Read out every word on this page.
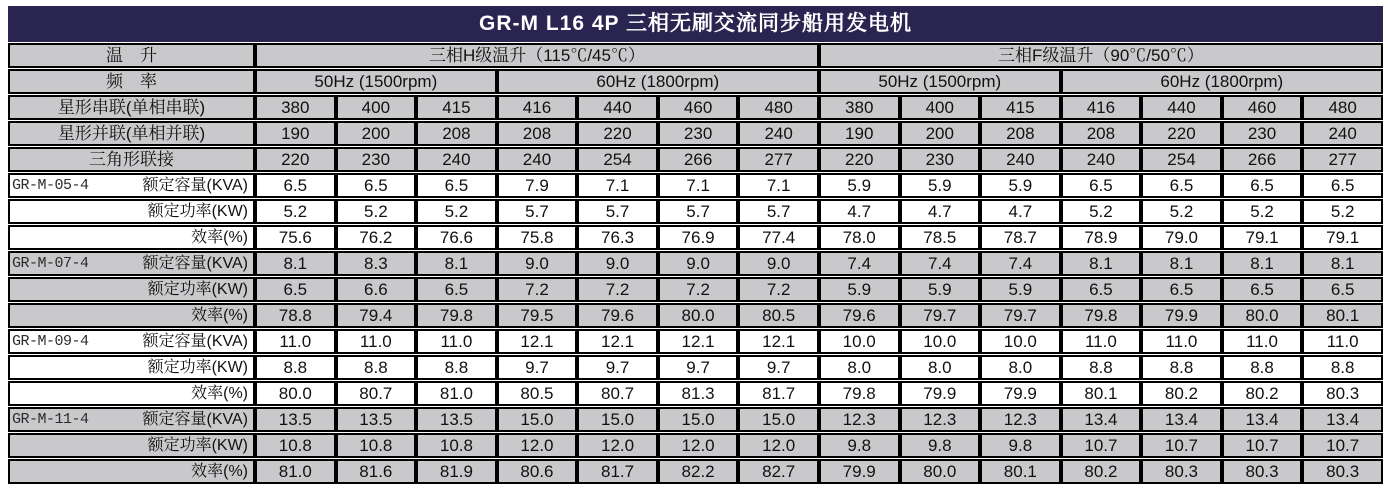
GR-M L16 4P 三相无刷交流同步船用发电机
温　升	三相H级温升（115℃/45℃）							三相F级温升（90℃/50℃）						
频　率	50Hz (1500rpm)			60Hz (1800rpm)				50Hz (1500rpm)			60Hz (1800rpm)			
星形串联(单相串联)	380	400	415	416	440	460	480	380	400	415	416	440	460	480
星形并联(单相并联)	190	200	208	208	220	230	240	190	200	208	208	220	230	240
三角形联接	220	230	240	240	254	266	277	220	230	240	240	254	266	277

GR-M-05-4 额定容量(KVA)	6.5	6.5	6.5	7.9	7.1	7.1	7.1	5.9	5.9	5.9	6.5	6.5	6.5	6.5

额定功率(KW)	5.2	5.2	5.2	5.7	5.7	5.7	5.7	4.7	4.7	4.7	5.2	5.2	5.2	5.2

效率(%)	75.6	76.2	76.6	75.8	76.3	76.9	77.4	78.0	78.5	78.7	78.9	79.0	79.1	79.1

GR-M-07-4 额定容量(KVA)	8.1	8.3	8.1	9.0	9.0	9.0	9.0	7.4	7.4	7.4	8.1	8.1	8.1	8.1

额定功率(KW)	6.5	6.6	6.5	7.2	7.2	7.2	7.2	5.9	5.9	5.9	6.5	6.5	6.5	6.5

效率(%)	78.8	79.4	79.8	79.5	79.6	80.0	80.5	79.6	79.7	79.7	79.8	79.9	80.0	80.1

GR-M-09-4 额定容量(KVA)	11.0	11.0	11.0	12.1	12.1	12.1	12.1	10.0	10.0	10.0	11.0	11.0	11.0	11.0

额定功率(KW)	8.8	8.8	8.8	9.7	9.7	9.7	9.7	8.0	8.0	8.0	8.8	8.8	8.8	8.8

效率(%)	80.0	80.7	81.0	80.5	80.7	81.3	81.7	79.8	79.9	79.9	80.1	80.2	80.2	80.3

GR-M-11-4 额定容量(KVA)	13.5	13.5	13.5	15.0	15.0	15.0	15.0	12.3	12.3	12.3	13.4	13.4	13.4	13.4

额定功率(KW)	10.8	10.8	10.8	12.0	12.0	12.0	12.0	9.8	9.8	9.8	10.7	10.7	10.7	10.7

效率(%)	81.0	81.6	81.9	80.6	81.7	82.2	82.7	79.9	80.0	80.1	80.2	80.3	80.3	80.3
